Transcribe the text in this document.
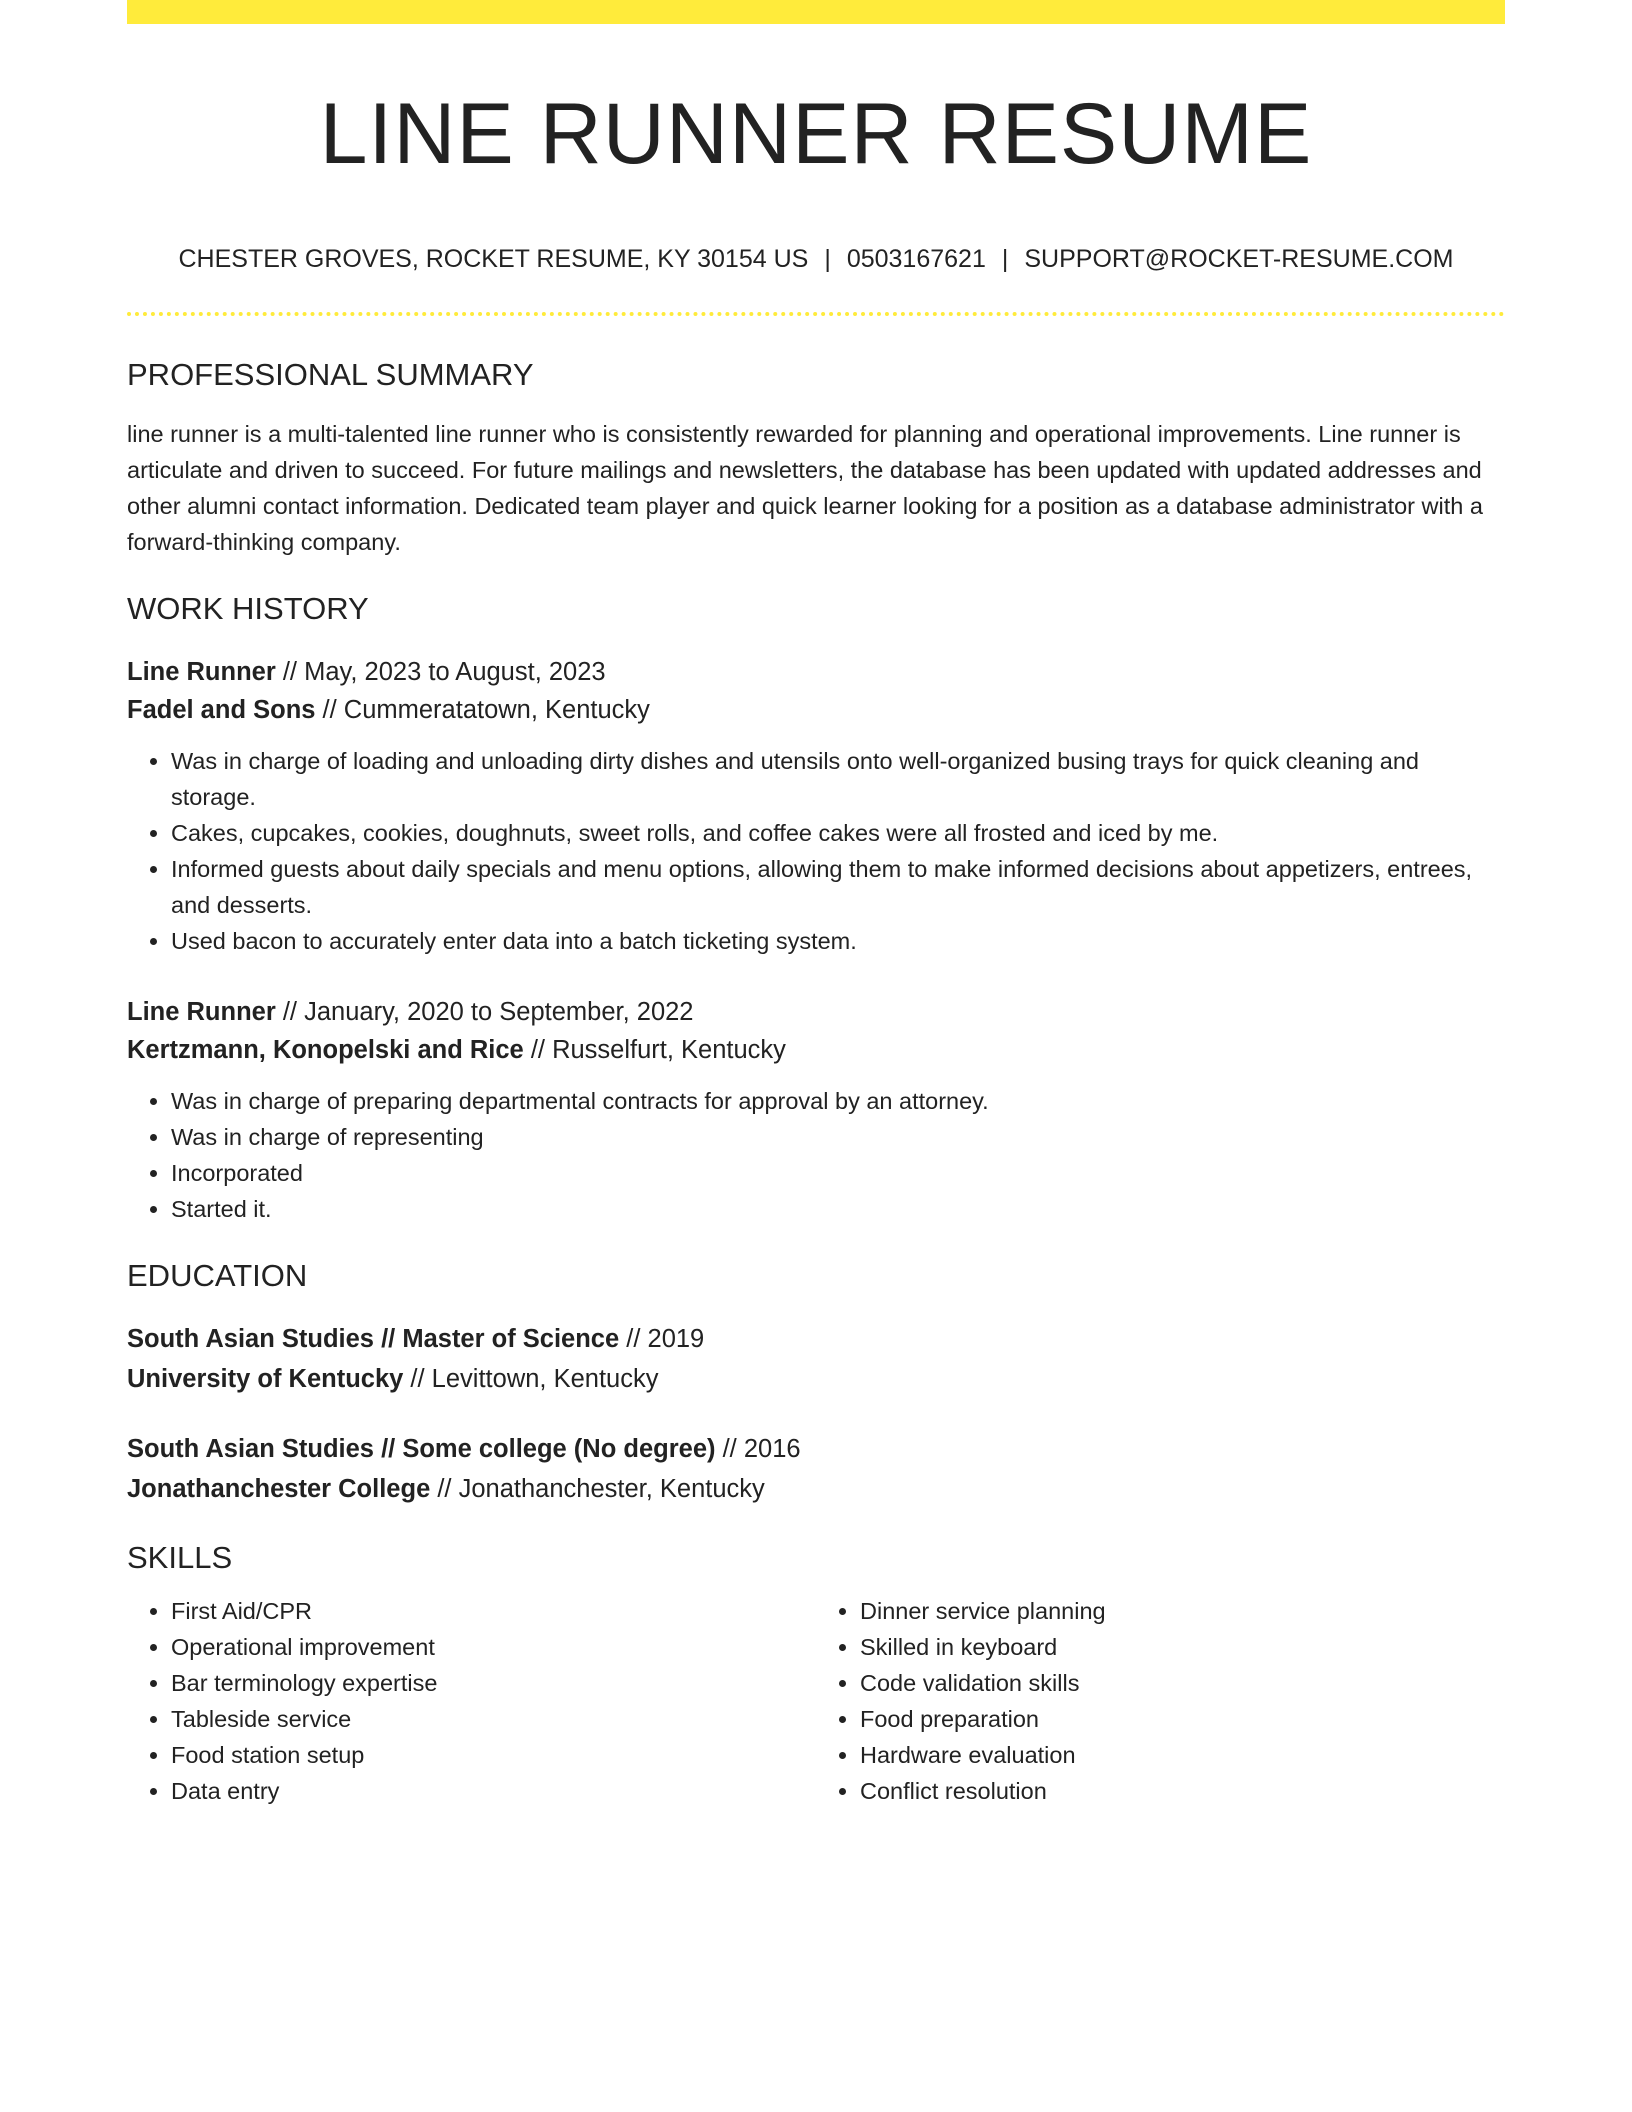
LINE RUNNER RESUME
CHESTER GROVES, ROCKET RESUME, KY 30154 US | 0503167621 | SUPPORT@ROCKET-RESUME.COM
PROFESSIONAL SUMMARY
line runner is a multi-talented line runner who is consistently rewarded for planning and operational improvements. Line runner is articulate and driven to succeed. For future mailings and newsletters, the database has been updated with updated addresses and other alumni contact information. Dedicated team player and quick learner looking for a position as a database administrator with a forward-thinking company.
WORK HISTORY
Line Runner // May, 2023 to August, 2023
Fadel and Sons // Cummeratatown, Kentucky
• Was in charge of loading and unloading dirty dishes and utensils onto well-organized busing trays for quick cleaning and storage.
• Cakes, cupcakes, cookies, doughnuts, sweet rolls, and coffee cakes were all frosted and iced by me.
• Informed guests about daily specials and menu options, allowing them to make informed decisions about appetizers, entrees, and desserts.
• Used bacon to accurately enter data into a batch ticketing system.
Line Runner // January, 2020 to September, 2022
Kertzmann, Konopelski and Rice // Russelfurt, Kentucky
• Was in charge of preparing departmental contracts for approval by an attorney.
• Was in charge of representing
• Incorporated
• Started it.
EDUCATION
South Asian Studies // Master of Science // 2019
University of Kentucky // Levittown, Kentucky
South Asian Studies // Some college (No degree) // 2016
Jonathanchester College // Jonathanchester, Kentucky
SKILLS
• First Aid/CPR
• Operational improvement
• Bar terminology expertise
• Tableside service
• Food station setup
• Data entry
• Dinner service planning
• Skilled in keyboard
• Code validation skills
• Food preparation
• Hardware evaluation
• Conflict resolution
